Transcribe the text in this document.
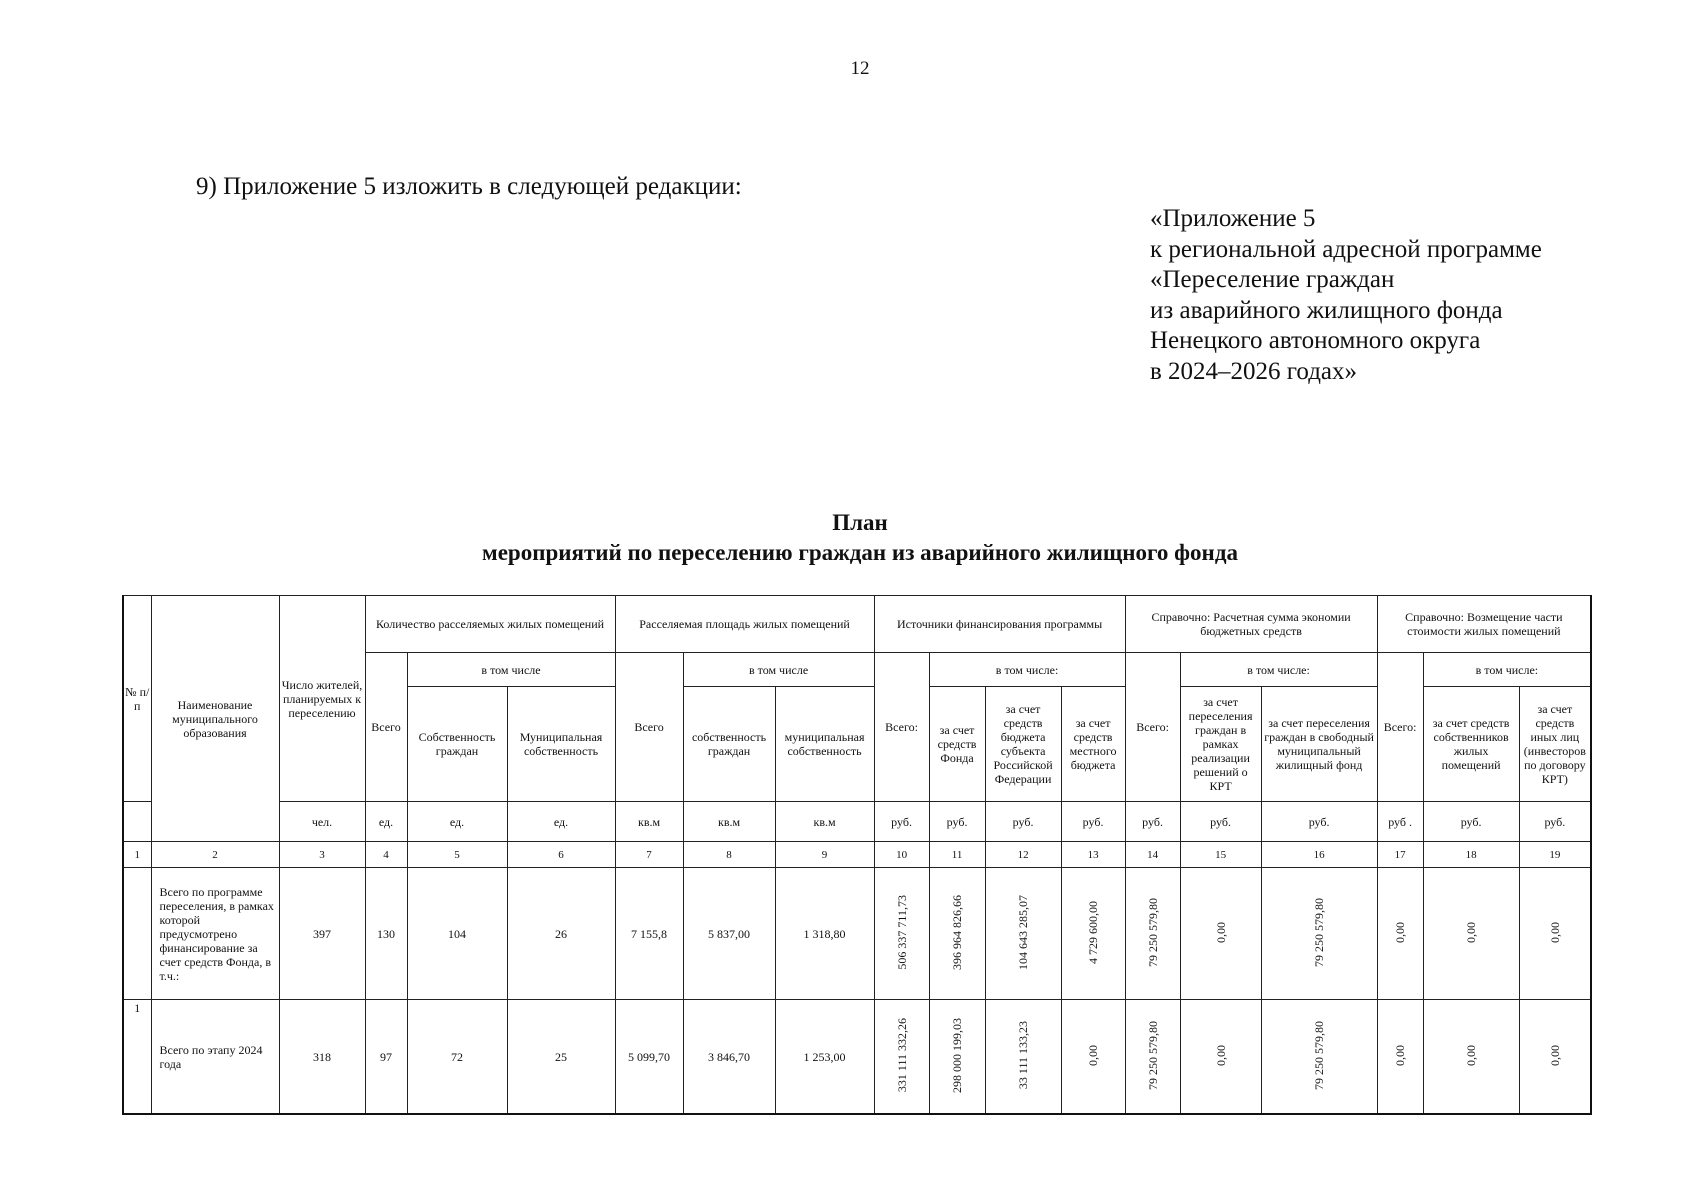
12
9) Приложение 5 изложить в следующей редакции:
«Приложение 5
к региональной адресной программе
«Переселение граждан
из аварийного жилищного фонда
Ненецкого автономного округа
в 2024–2026 годах»
План
мероприятий по переселению граждан из аварийного жилищного фонда
№ п/п	Наименование муниципального образования	Число жителей, планируемых к переселению	Количество расселяемых жилых помещений			Расселяемая площадь жилых помещений			Источники финансирования программы				Справочно: Расчетная сумма экономии бюджетных средств			Справочно: Возмещение части стоимости жилых помещений		
			Всего	в том числе		Всего	в том числе		Всего:	в том числе:			Всего:	в том числе:		Всего:	в том числе:	
				Собственность граждан	Муниципальная собственность		собственность граждан	муниципальная собственность		за счет средств Фонда	за счет средств бюджета субъекта Российской Федерации	за счет средств местного бюджета		за счет переселения граждан в рамках реализации решений о КРТ	за счет переселения граждан в свободный муниципальный жилищный фонд		за счет средств собственников жилых помещений	за счет средств иных лиц (инвесторов по договору КРТ)
		чел.	ед.	ед.	ед.	кв.м	кв.м	кв.м	руб.	руб.	руб.	руб.	руб.	руб.	руб.	руб .	руб.	руб.
1	2	3	4	5	6	7	8	9	10	11	12	13	14	15	16	17	18	19
	Всего по программе переселения, в рамках которой предусмотрено финансирование за счет средств Фонда, в т.ч.:	397	130	104	26	7 155,8	5 837,00	1 318,80	506 337 711,73	396 964 826,66	104 643 285,07	4 729 600,00	79 250 579,80	0,00	79 250 579,80	0,00	0,00	0,00
1	Всего по этапу 2024 года	318	97	72	25	5 099,70	3 846,70	1 253,00	331 111 332,26	298 000 199,03	33 111 133,23	0,00	79 250 579,80	0,00	79 250 579,80	0,00	0,00	0,00
